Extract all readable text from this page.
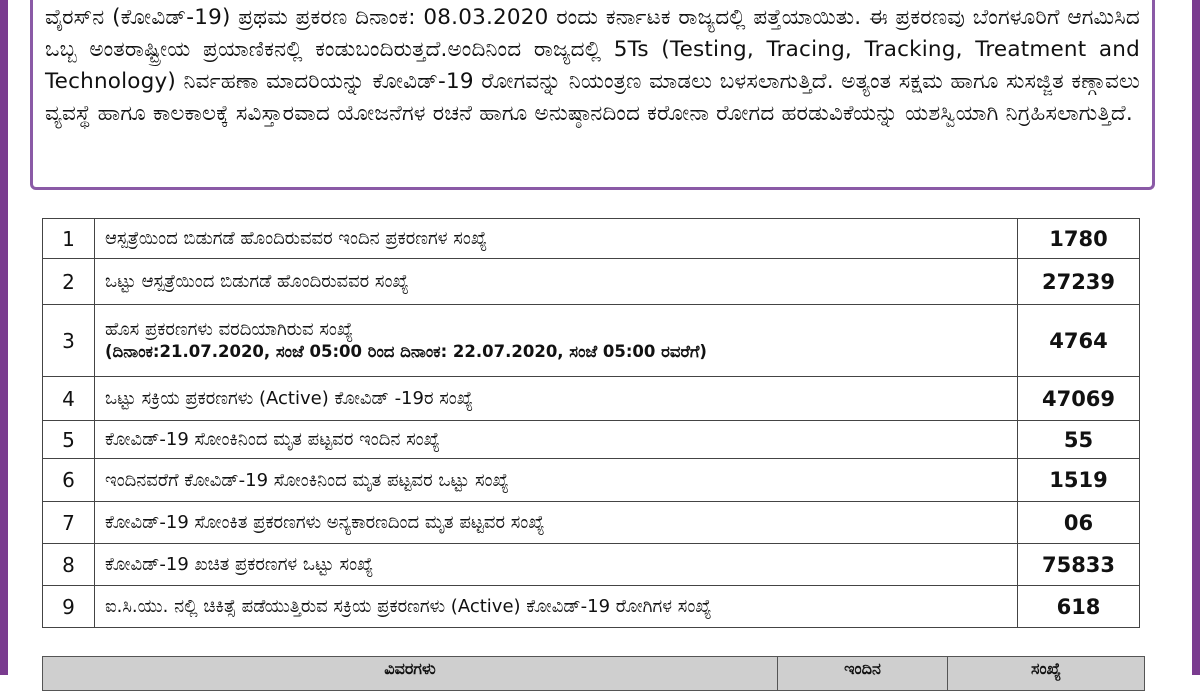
ವೈರಸ್‌ನ (ಕೋವಿಡ್-19) ಪ್ರಥಮ ಪ್ರಕರಣ ದಿನಾಂಕ: 08.03.2020 ರಂದು ಕರ್ನಾಟಕ ರಾಜ್ಯದಲ್ಲಿ ಪತ್ತೆಯಾಯಿತು. ಈ ಪ್ರಕರಣವು ಬೆಂಗಳೂರಿಗೆ ಆಗಮಿಸಿದ ಒಬ್ಬ ಅಂತರಾಷ್ಟ್ರೀಯ ಪ್ರಯಾಣಿಕನಲ್ಲಿ ಕಂಡುಬಂದಿರುತ್ತದೆ.ಅಂದಿನಿಂದ ರಾಜ್ಯದಲ್ಲಿ 5Ts (Testing, Tracing, Tracking, Treatment and Technology) ನಿರ್ವಹಣಾ ಮಾದರಿಯನ್ನು ಕೋವಿಡ್-19 ರೋಗವನ್ನು ನಿಯಂತ್ರಣ ಮಾಡಲು ಬಳಸಲಾಗುತ್ತಿದೆ. ಅತ್ಯಂತ ಸಕ್ಷಮ ಹಾಗೂ ಸುಸಜ್ಜಿತ ಕಣ್ಗಾವಲು ವ್ಯವಸ್ಥೆ ಹಾಗೂ ಕಾಲಕಾಲಕ್ಕೆ ಸವಿಸ್ತಾರವಾದ ಯೋಜನೆಗಳ ರಚನೆ ಹಾಗೂ ಅನುಷ್ಠಾನದಿಂದ ಕರೋನಾ ರೋಗದ ಹರಡುವಿಕೆಯನ್ನು ಯಶಸ್ವಿಯಾಗಿ ನಿಗ್ರಹಿಸಲಾಗುತ್ತಿದೆ.

1	ಆಸ್ಪತ್ರೆಯಿಂದ ಬಿಡುಗಡೆ ಹೊಂದಿರುವವರ ಇಂದಿನ ಪ್ರಕರಣಗಳ ಸಂಖ್ಯೆ	1780
2	ಒಟ್ಟು ಆಸ್ಪತ್ರೆಯಿಂದ ಬಿಡುಗಡೆ ಹೊಂದಿರುವವರ ಸಂಖ್ಯೆ	27239
3	ಹೊಸ ಪ್ರಕರಣಗಳು ವರದಿಯಾಗಿರುವ ಸಂಖ್ಯೆ
(ದಿನಾಂಕ:21.07.2020, ಸಂಜೆ 05:00 ರಿಂದ ದಿನಾಂಕ: 22.07.2020, ಸಂಜೆ 05:00 ರವರೆಗೆ)	4764
4	ಒಟ್ಟು ಸಕ್ರಿಯ ಪ್ರಕರಣಗಳು (Active) ಕೋವಿಡ್ -19ರ ಸಂಖ್ಯೆ	47069
5	ಕೋವಿಡ್-19 ಸೋಂಕಿನಿಂದ ಮೃತ ಪಟ್ಟವರ ಇಂದಿನ ಸಂಖ್ಯೆ	55
6	ಇಂದಿನವರೆಗೆ ಕೋವಿಡ್-19 ಸೋಂಕಿನಿಂದ ಮೃತ ಪಟ್ಟವರ ಒಟ್ಟು ಸಂಖ್ಯೆ	1519
7	ಕೋವಿಡ್-19 ಸೋಂಕಿತ ಪ್ರಕರಣಗಳು ಅನ್ಯಕಾರಣದಿಂದ ಮೃತ ಪಟ್ಟವರ ಸಂಖ್ಯೆ	06
8	ಕೋವಿಡ್-19 ಖಚಿತ ಪ್ರಕರಣಗಳ ಒಟ್ಟು ಸಂಖ್ಯೆ	75833
9	ಐ.ಸಿ.ಯು. ನಲ್ಲಿ ಚಿಕಿತ್ಸೆ ಪಡೆಯುತ್ತಿರುವ ಸಕ್ರಿಯ ಪ್ರಕರಣಗಳು (Active) ಕೋವಿಡ್-19 ರೋಗಿಗಳ ಸಂಖ್ಯೆ	618
ವಿವರಗಳು	ಇಂದಿನ	ಸಂಖ್ಯೆ
